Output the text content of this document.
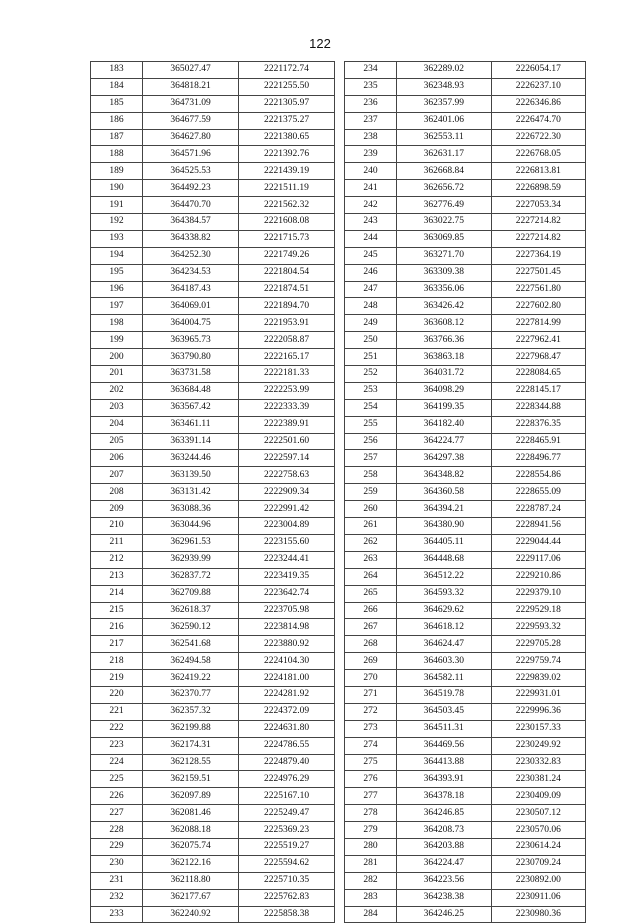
122
183	365027.47	2221172.74
184	364818.21	2221255.50
185	364731.09	2221305.97
186	364677.59	2221375.27
187	364627.80	2221380.65
188	364571.96	2221392.76
189	364525.53	2221439.19
190	364492.23	2221511.19
191	364470.70	2221562.32
192	364384.57	2221608.08
193	364338.82	2221715.73
194	364252.30	2221749.26
195	364234.53	2221804.54
196	364187.43	2221874.51
197	364069.01	2221894.70
198	364004.75	2221953.91
199	363965.73	2222058.87
200	363790.80	2222165.17
201	363731.58	2222181.33
202	363684.48	2222253.99
203	363567.42	2222333.39
204	363461.11	2222389.91
205	363391.14	2222501.60
206	363244.46	2222597.14
207	363139.50	2222758.63
208	363131.42	2222909.34
209	363088.36	2222991.42
210	363044.96	2223004.89
211	362961.53	2223155.60
212	362939.99	2223244.41
213	362837.72	2223419.35
214	362709.88	2223642.74
215	362618.37	2223705.98
216	362590.12	2223814.98
217	362541.68	2223880.92
218	362494.58	2224104.30
219	362419.22	2224181.00
220	362370.77	2224281.92
221	362357.32	2224372.09
222	362199.88	2224631.80
223	362174.31	2224786.55
224	362128.55	2224879.40
225	362159.51	2224976.29
226	362097.89	2225167.10
227	362081.46	2225249.47
228	362088.18	2225369.23
229	362075.74	2225519.27
230	362122.16	2225594.62
231	362118.80	2225710.35
232	362177.67	2225762.83
233	362240.92	2225858.38
234	362289.02	2226054.17
235	362348.93	2226237.10
236	362357.99	2226346.86
237	362401.06	2226474.70
238	362553.11	2226722.30
239	362631.17	2226768.05
240	362668.84	2226813.81
241	362656.72	2226898.59
242	362776.49	2227053.34
243	363022.75	2227214.82
244	363069.85	2227214.82
245	363271.70	2227364.19
246	363309.38	2227501.45
247	363356.06	2227561.80
248	363426.42	2227602.80
249	363608.12	2227814.99
250	363766.36	2227962.41
251	363863.18	2227968.47
252	364031.72	2228084.65
253	364098.29	2228145.17
254	364199.35	2228344.88
255	364182.40	2228376.35
256	364224.77	2228465.91
257	364297.38	2228496.77
258	364348.82	2228554.86
259	364360.58	2228655.09
260	364394.21	2228787.24
261	364380.90	2228941.56
262	364405.11	2229044.44
263	364448.68	2229117.06
264	364512.22	2229210.86
265	364593.32	2229379.10
266	364629.62	2229529.18
267	364618.12	2229593.32
268	364624.47	2229705.28
269	364603.30	2229759.74
270	364582.11	2229839.02
271	364519.78	2229931.01
272	364503.45	2229996.36
273	364511.31	2230157.33
274	364469.56	2230249.92
275	364413.88	2230332.83
276	364393.91	2230381.24
277	364378.18	2230409.09
278	364246.85	2230507.12
279	364208.73	2230570.06
280	364203.88	2230614.24
281	364224.47	2230709.24
282	364223.56	2230892.00
283	364238.38	2230911.06
284	364246.25	2230980.36
